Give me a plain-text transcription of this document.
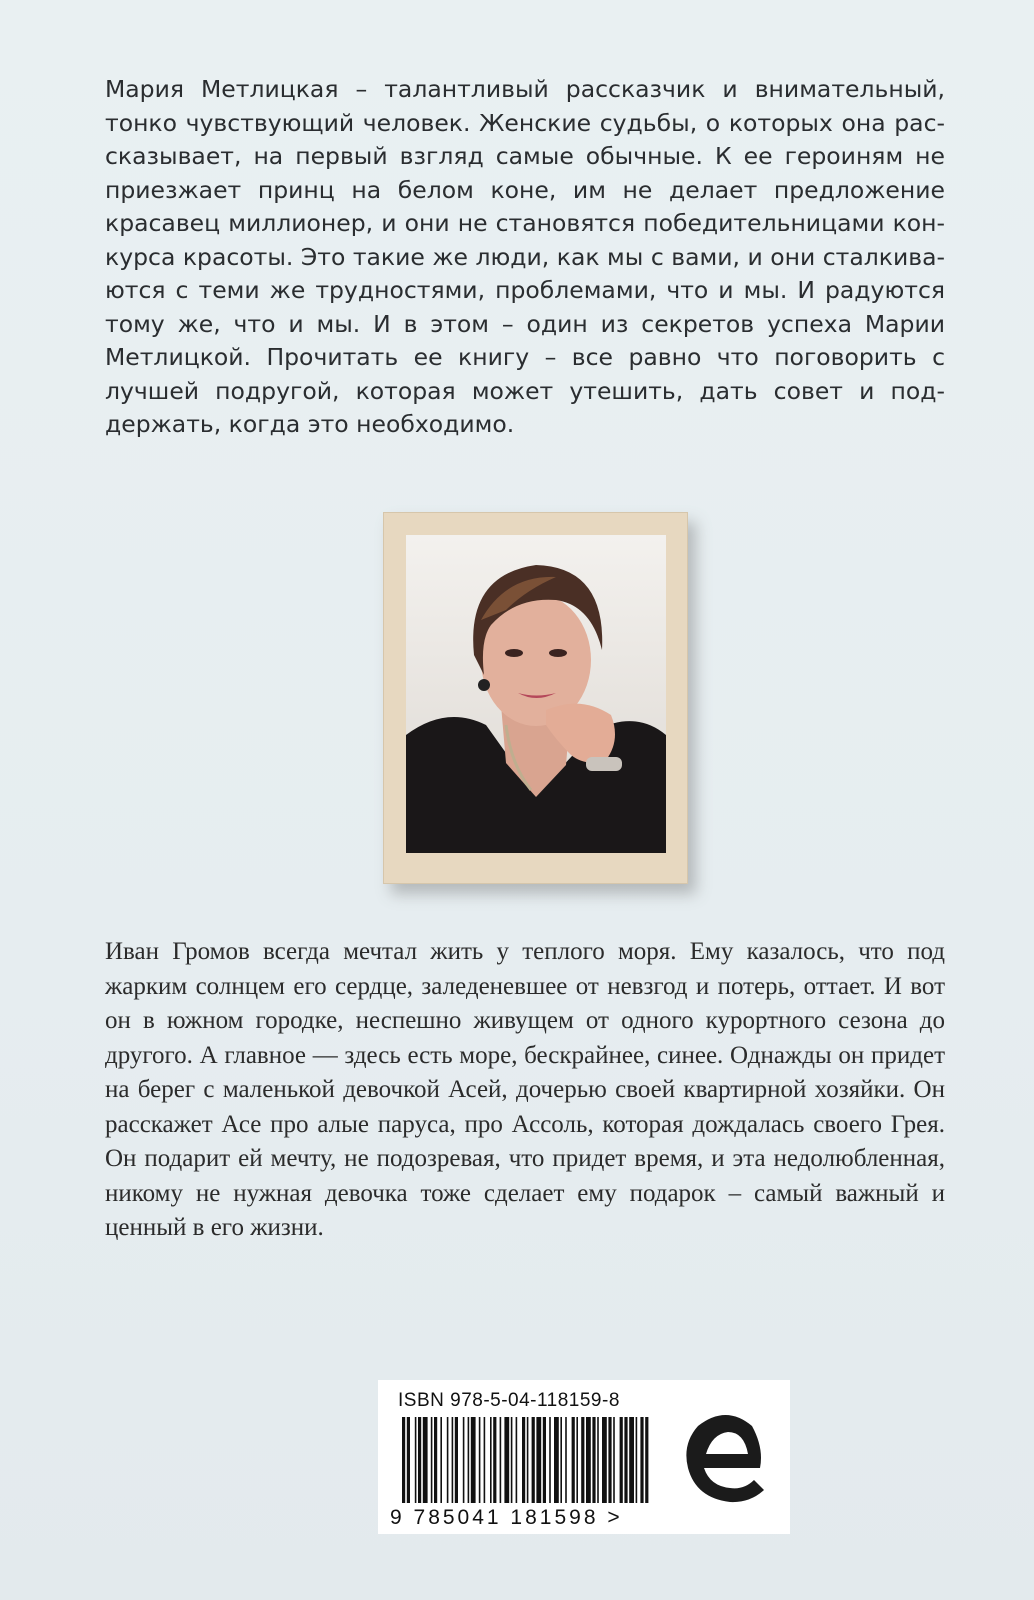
Мария Метлицкая – талантливый рассказчик и внимательный, тонко чувствующий человек. Женские судьбы, о которых она рассказывает, на первый взгляд самые обычные. К ее героиням не приезжает принц на белом коне, им не делает предложение красавец миллионер, и они не становятся победительницами конкурса красоты. Это такие же люди, как мы с вами, и они сталкиваются с теми же трудностями, проблемами, что и мы. И радуются тому же, что и мы. И в этом – один из секретов успеха Марии Метлицкой. Прочитать ее книгу – все равно что поговорить с лучшей подругой, которая может утешить, дать совет и поддержать, когда это необходимо.

Иван Громов всегда мечтал жить у теплого моря. Ему казалось, что под жарким солнцем его сердце, заледеневшее от невзгод и потерь, оттает. И вот он в южном городке, неспешно живущем от одного курортного сезона до другого. А главное — здесь есть море, бескрайнее, синее. Однажды он придет на берег с маленькой девочкой Асей, дочерью своей квартирной хозяйки. Он расскажет Асе про алые паруса, про Ассоль, которая дождалась своего Грея. Он подарит ей мечту, не подозревая, что придет время, и эта недолюбленная, никому не нужная девочка тоже сделает ему подарок – самый важный и ценный в его жизни.

ISBN 978-5-04-118159-8
9 785041 181598 >
